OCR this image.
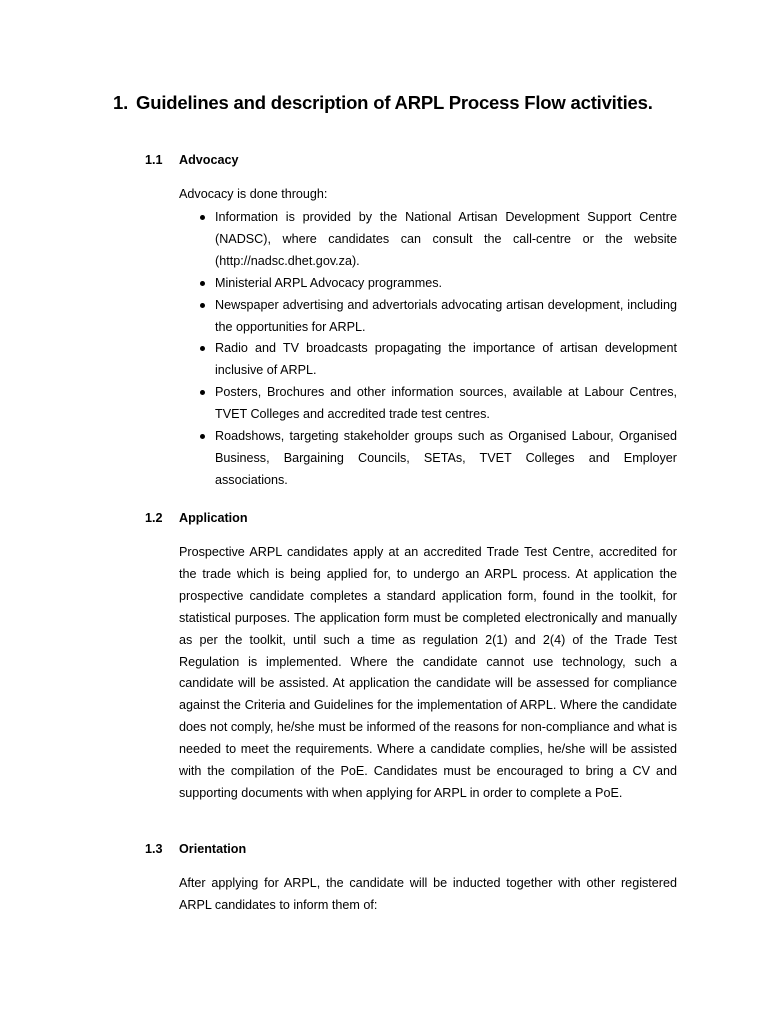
1. Guidelines and description of ARPL Process Flow activities.
1.1 Advocacy
Advocacy is done through:
Information is provided by the National Artisan Development Support Centre (NADSC), where candidates can consult the call-centre or the website (http://nadsc.dhet.gov.za).
Ministerial ARPL Advocacy programmes.
Newspaper advertising and advertorials advocating artisan development, including the opportunities for ARPL.
Radio and TV broadcasts propagating the importance of artisan development inclusive of ARPL.
Posters, Brochures and other information sources, available at Labour Centres, TVET Colleges and accredited trade test centres.
Roadshows, targeting stakeholder groups such as Organised Labour, Organised Business, Bargaining Councils, SETAs, TVET Colleges and Employer associations.
1.2 Application

Prospective ARPL candidates apply at an accredited Trade Test Centre, accredited for the trade which is being applied for, to undergo an ARPL process. At application the prospective candidate completes a standard application form, found in the toolkit, for statistical purposes. The application form must be completed electronically and manually as per the toolkit, until such a time as regulation 2(1) and 2(4) of the Trade Test Regulation is implemented. Where the candidate cannot use technology, such a candidate will be assisted. At application the candidate will be assessed for compliance against the Criteria and Guidelines for the implementation of ARPL. Where the candidate does not comply, he/she must be informed of the reasons for non-compliance and what is needed to meet the requirements. Where a candidate complies, he/she will be assisted with the compilation of the PoE. Candidates must be encouraged to bring a CV and supporting documents with when applying for ARPL in order to complete a PoE.

1.3 Orientation

After applying for ARPL, the candidate will be inducted together with other registered ARPL candidates to inform them of:
